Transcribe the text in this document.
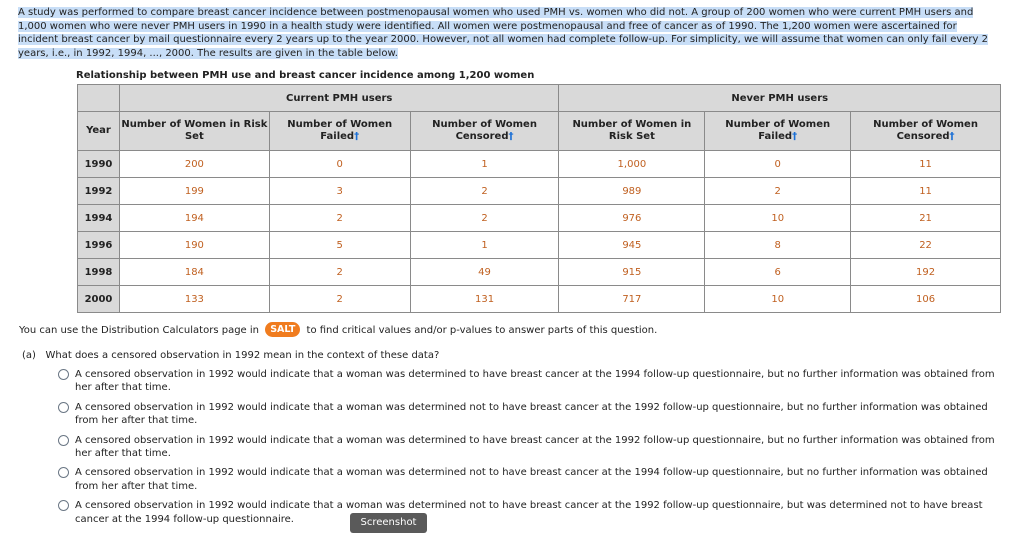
A study was performed to compare breast cancer incidence between postmenopausal women who used PMH vs. women who did not. A group of 200 women who were current PMH users and 1,000 women who were never PMH users in 1990 in a health study were identified. All women were postmenopausal and free of cancer as of 1990. The 1,200 women were ascertained for incident breast cancer by mail questionnaire every 2 years up to the year 2000. However, not all women had complete follow-up. For simplicity, we will assume that women can only fail every 2 years, i.e., in 1992, 1994, ..., 2000. The results are given in the table below.
Relationship between PMH use and breast cancer incidence among 1,200 women
	Current PMH users			Never PMH users		
Year	Number of Women in Risk Set	Number of Women Failed†	Number of Women Censored†	Number of Women in Risk Set	Number of Women Failed†	Number of Women Censored†
1990	200	0	1	1,000	0	11
1992	199	3	2	989	2	11
1994	194	2	2	976	10	21
1996	190	5	1	945	8	22
1998	184	2	49	915	6	192
2000	133	2	131	717	10	106
You can use the Distribution Calculators page in SALT to find critical values and/or p-values to answer parts of this question.
(a) What does a censored observation in 1992 mean in the context of these data?
A censored observation in 1992 would indicate that a woman was determined to have breast cancer at the 1994 follow-up questionnaire, but no further information was obtained from her after that time.
A censored observation in 1992 would indicate that a woman was determined not to have breast cancer at the 1992 follow-up questionnaire, but no further information was obtained from her after that time.
A censored observation in 1992 would indicate that a woman was determined to have breast cancer at the 1992 follow-up questionnaire, but no further information was obtained from her after that time.
A censored observation in 1992 would indicate that a woman was determined not to have breast cancer at the 1994 follow-up questionnaire, but no further information was obtained from her after that time.
A censored observation in 1992 would indicate that a woman was determined not to have breast cancer at the 1992 follow-up questionnaire, but was determined not to have breast cancer at the 1994 follow-up questionnaire.	Screenshot
